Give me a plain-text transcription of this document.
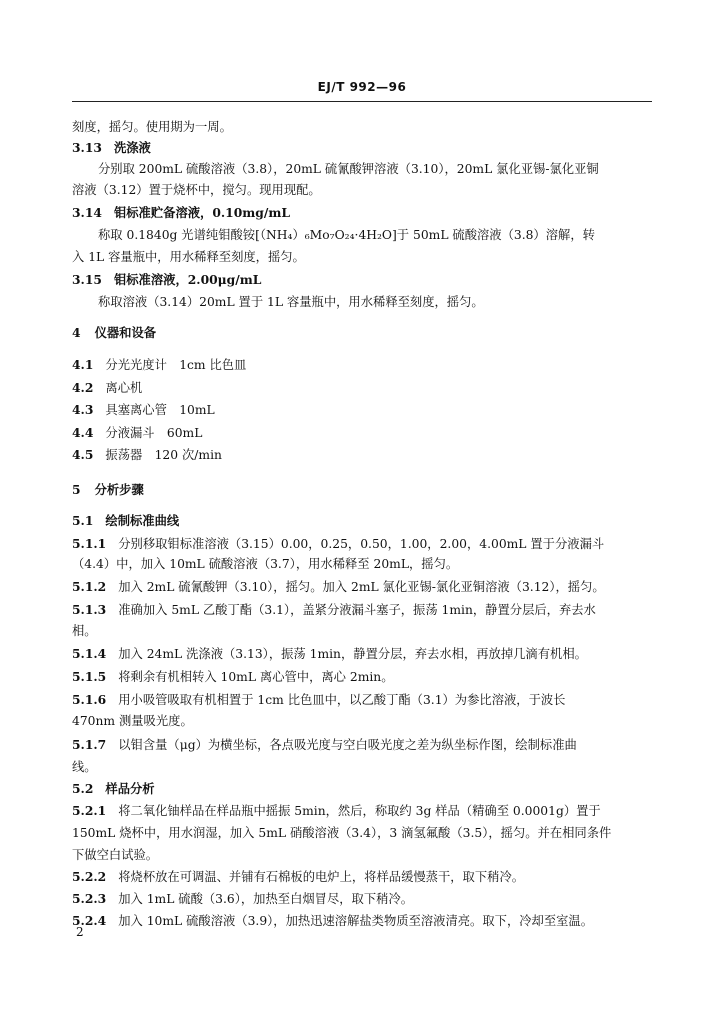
EJ/T 992—96
刻度，摇匀。使用期为一周。
3.13 洗涤液
分别取 200mL 硫酸溶液（3.8），20mL 硫氰酸钾溶液（3.10），20mL 氯化亚锡-氯化亚铜
溶液（3.12）置于烧杯中，搅匀。现用现配。
3.14 钼标准贮备溶液，0.10mg/mL
称取 0.1840g 光谱纯钼酸铵[（NH₄）₆Mo₇O₂₄·4H₂O]于 50mL 硫酸溶液（3.8）溶解，转
入 1L 容量瓶中，用水稀释至刻度，摇匀。
3.15 钼标准溶液，2.00μg/mL
称取溶液（3.14）20mL 置于 1L 容量瓶中，用水稀释至刻度，摇匀。
4 仪器和设备
4.1 分光光度计　1cm 比色皿
4.2 离心机
4.3 具塞离心管　10mL
4.4 分液漏斗　60mL
4.5 振荡器　120 次/min
5 分析步骤
5.1 绘制标准曲线
5.1.1 分别移取钼标准溶液（3.15）0.00，0.25，0.50，1.00，2.00，4.00mL 置于分液漏斗
（4.4）中，加入 10mL 硫酸溶液（3.7），用水稀释至 20mL，摇匀。
5.1.2 加入 2mL 硫氰酸钾（3.10），摇匀。加入 2mL 氯化亚锡-氯化亚铜溶液（3.12），摇匀。
5.1.3 准确加入 5mL 乙酸丁酯（3.1），盖紧分液漏斗塞子，振荡 1min，静置分层后，弃去水
相。
5.1.4 加入 24mL 洗涤液（3.13），振荡 1min，静置分层，弃去水相，再放掉几滴有机相。
5.1.5 将剩余有机相转入 10mL 离心管中，离心 2min。
5.1.6 用小吸管吸取有机相置于 1cm 比色皿中，以乙酸丁酯（3.1）为参比溶液，于波长
470nm 测量吸光度。
5.1.7 以钼含量（μg）为横坐标，各点吸光度与空白吸光度之差为纵坐标作图，绘制标准曲
线。
5.2 样品分析
5.2.1 将二氧化铀样品在样品瓶中摇振 5min，然后，称取约 3g 样品（精确至 0.0001g）置于
150mL 烧杯中，用水润湿，加入 5mL 硝酸溶液（3.4），3 滴氢氟酸（3.5），摇匀。并在相同条件
下做空白试验。
5.2.2 将烧杯放在可调温、并铺有石棉板的电炉上，将样品缓慢蒸干，取下稍冷。
5.2.3 加入 1mL 硫酸（3.6），加热至白烟冒尽，取下稍冷。
5.2.4 加入 10mL 硫酸溶液（3.9），加热迅速溶解盐类物质至溶液清亮。取下，冷却至室温。
2
